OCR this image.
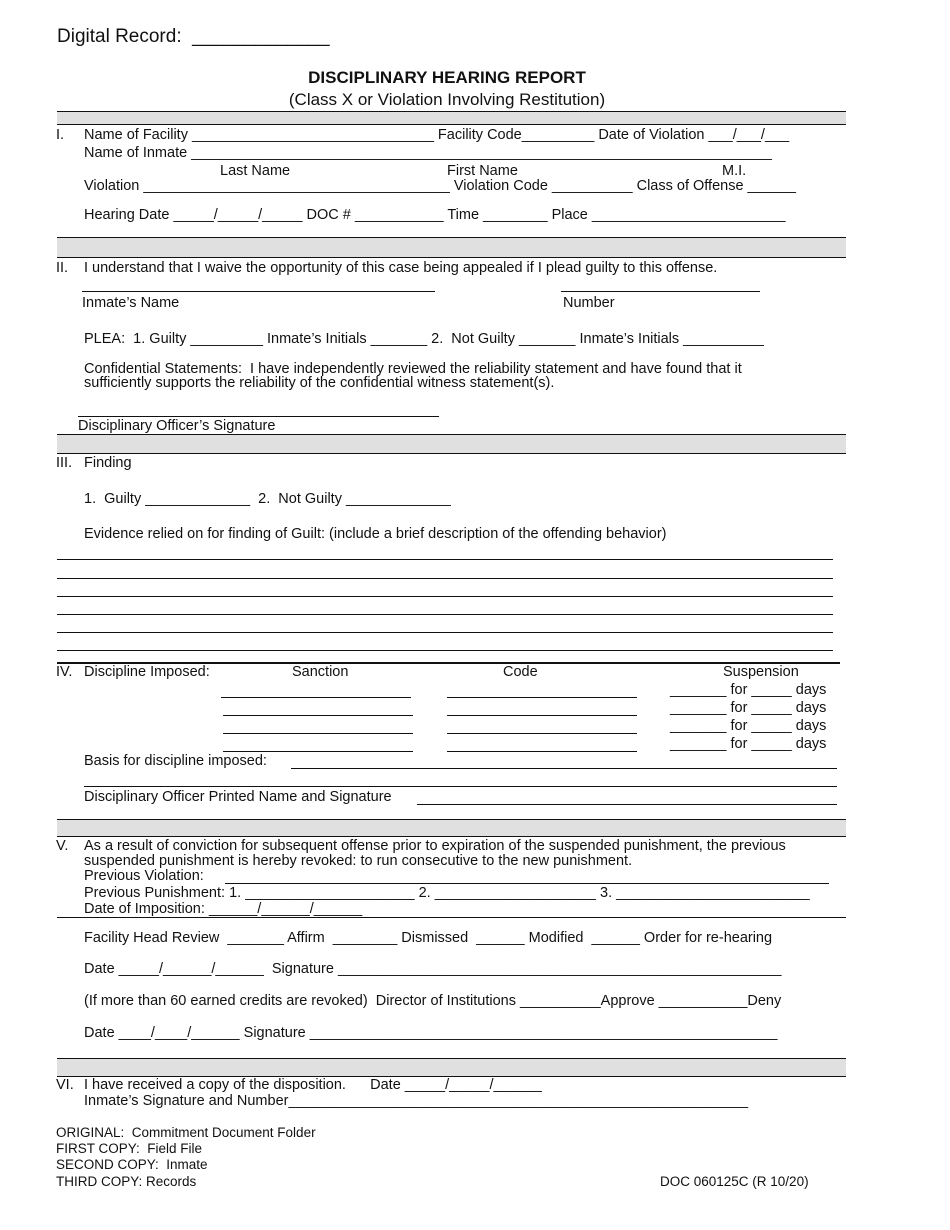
Digital Record:  _____________
DISCIPLINARY HEARING REPORT
(Class X or Violation Involving Restitution)
I. Name of Facility ______________________________ Facility Code_________ Date of Violation ___/___/___
Name of Inmate ________________________________________________________________________
Last Name	First Name	M.I.
Violation ______________________________________ Violation Code __________ Class of Offense ______
Hearing Date _____/_____/_____ DOC # ___________ Time ________ Place ________________________
II. I understand that I waive the opportunity of this case being appealed if I plead guilty to this offense.
Inmate’s Name	Number
PLEA:  1. Guilty _________ Inmate’s Initials _______ 2.  Not Guilty _______ Inmate’s Initials __________
Confidential Statements:  I have independently reviewed the reliability statement and have found that it
sufficiently supports the reliability of the confidential witness statement(s).
Disciplinary Officer’s Signature
III. Finding
1.  Guilty _____________  2.  Not Guilty _____________
Evidence relied on for finding of Guilt: (include a brief description of the offending behavior)
IV. Discipline Imposed:	Sanction	Code	Suspension
_______ for _____ days
_______ for _____ days
_______ for _____ days
_______ for _____ days
Basis for discipline imposed:
Disciplinary Officer Printed Name and Signature
V. As a result of conviction for subsequent offense prior to expiration of the suspended punishment, the previous
suspended punishment is hereby revoked: to run consecutive to the new punishment.
Previous Violation:
Previous Punishment: 1. _____________________ 2. ____________________ 3. ________________________
Date of Imposition: ______/______/______
Facility Head Review  _______ Affirm  ________ Dismissed  ______ Modified  ______ Order for re-hearing
Date _____/______/______  Signature _______________________________________________________
(If more than 60 earned credits are revoked)  Director of Institutions __________Approve ___________Deny
Date ____/____/______ Signature __________________________________________________________
VI. I have received a copy of the disposition.      Date _____/_____/______
Inmate’s Signature and Number_________________________________________________________
ORIGINAL:  Commitment Document Folder
FIRST COPY:  Field File
SECOND COPY:  Inmate
THIRD COPY: Records	DOC 060125C (R 10/20)
